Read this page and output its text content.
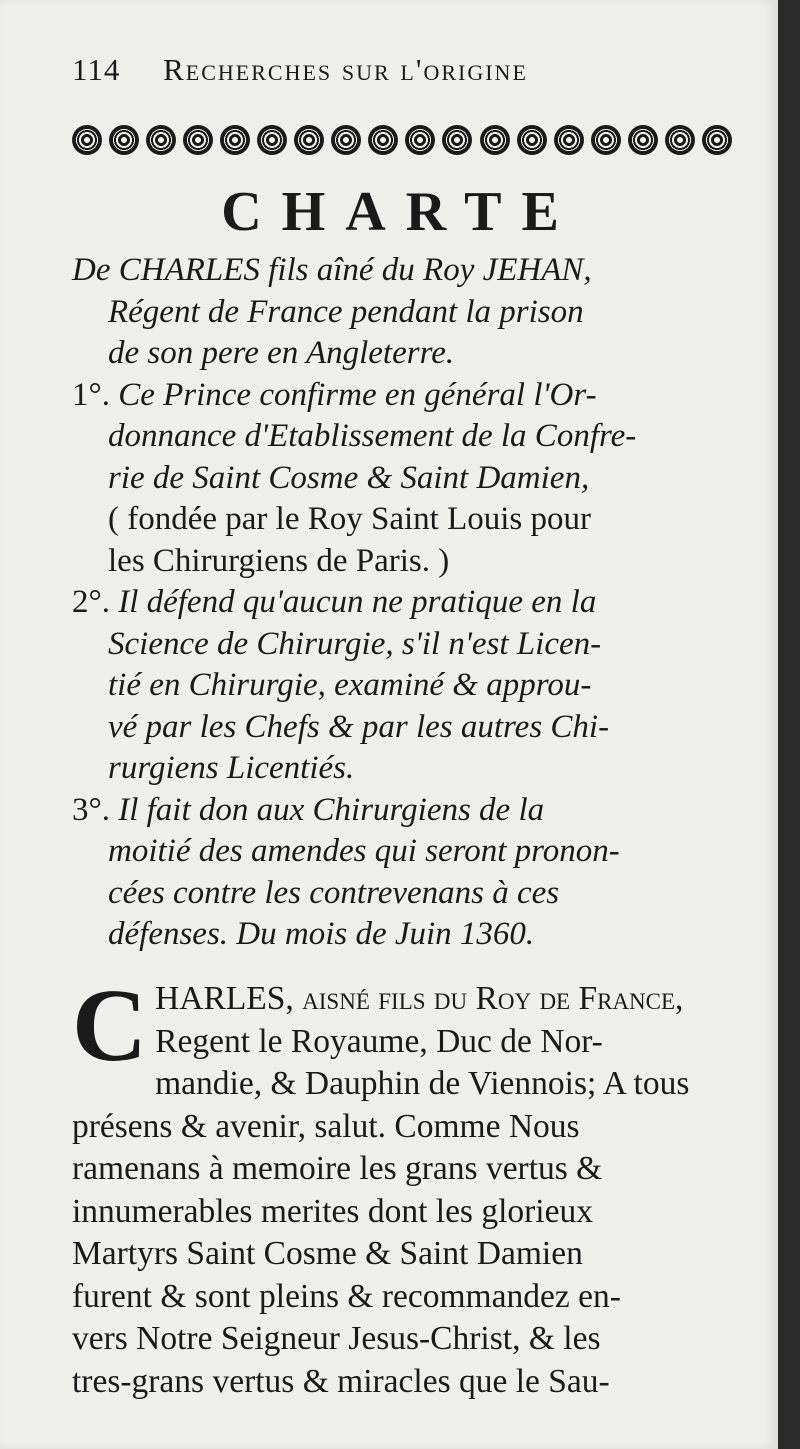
114 Recherches sur l'origine
CHARTE

De CHARLES fils aîné du Roy JEHAN,
Régent de France pendant la prison
de son pere en Angleterre.

1°. Ce Prince confirme en général l'Or-
donnance d'Etablissement de la Confre-
rie de Saint Cosme & Saint Damien,
( fondée par le Roy Saint Louis pour
les Chirurgiens de Paris. )

2°. Il défend qu'aucun ne pratique en la
Science de Chirurgie, s'il n'est Licen-
tié en Chirurgie, examiné & approu-
vé par les Chefs & par les autres Chi-
rurgiens Licentiés.

3°. Il fait don aux Chirurgiens de la
moitié des amendes qui seront pronon-
cées contre les contrevenans à ces
défenses. Du mois de Juin 1360.

C HARLES, aisné fils du Roy de France,
Regent le Royaume, Duc de Nor-
mandie, & Dauphin de Viennois; A tous
présens & avenir, salut. Comme Nous
ramenans à memoire les grans vertus &
innumerables merites dont les glorieux
Martyrs Saint Cosme & Saint Damien
furent & sont pleins & recommandez en-
vers Notre Seigneur Jesus-Christ, & les
tres-grans vertus & miracles que le Sau-
